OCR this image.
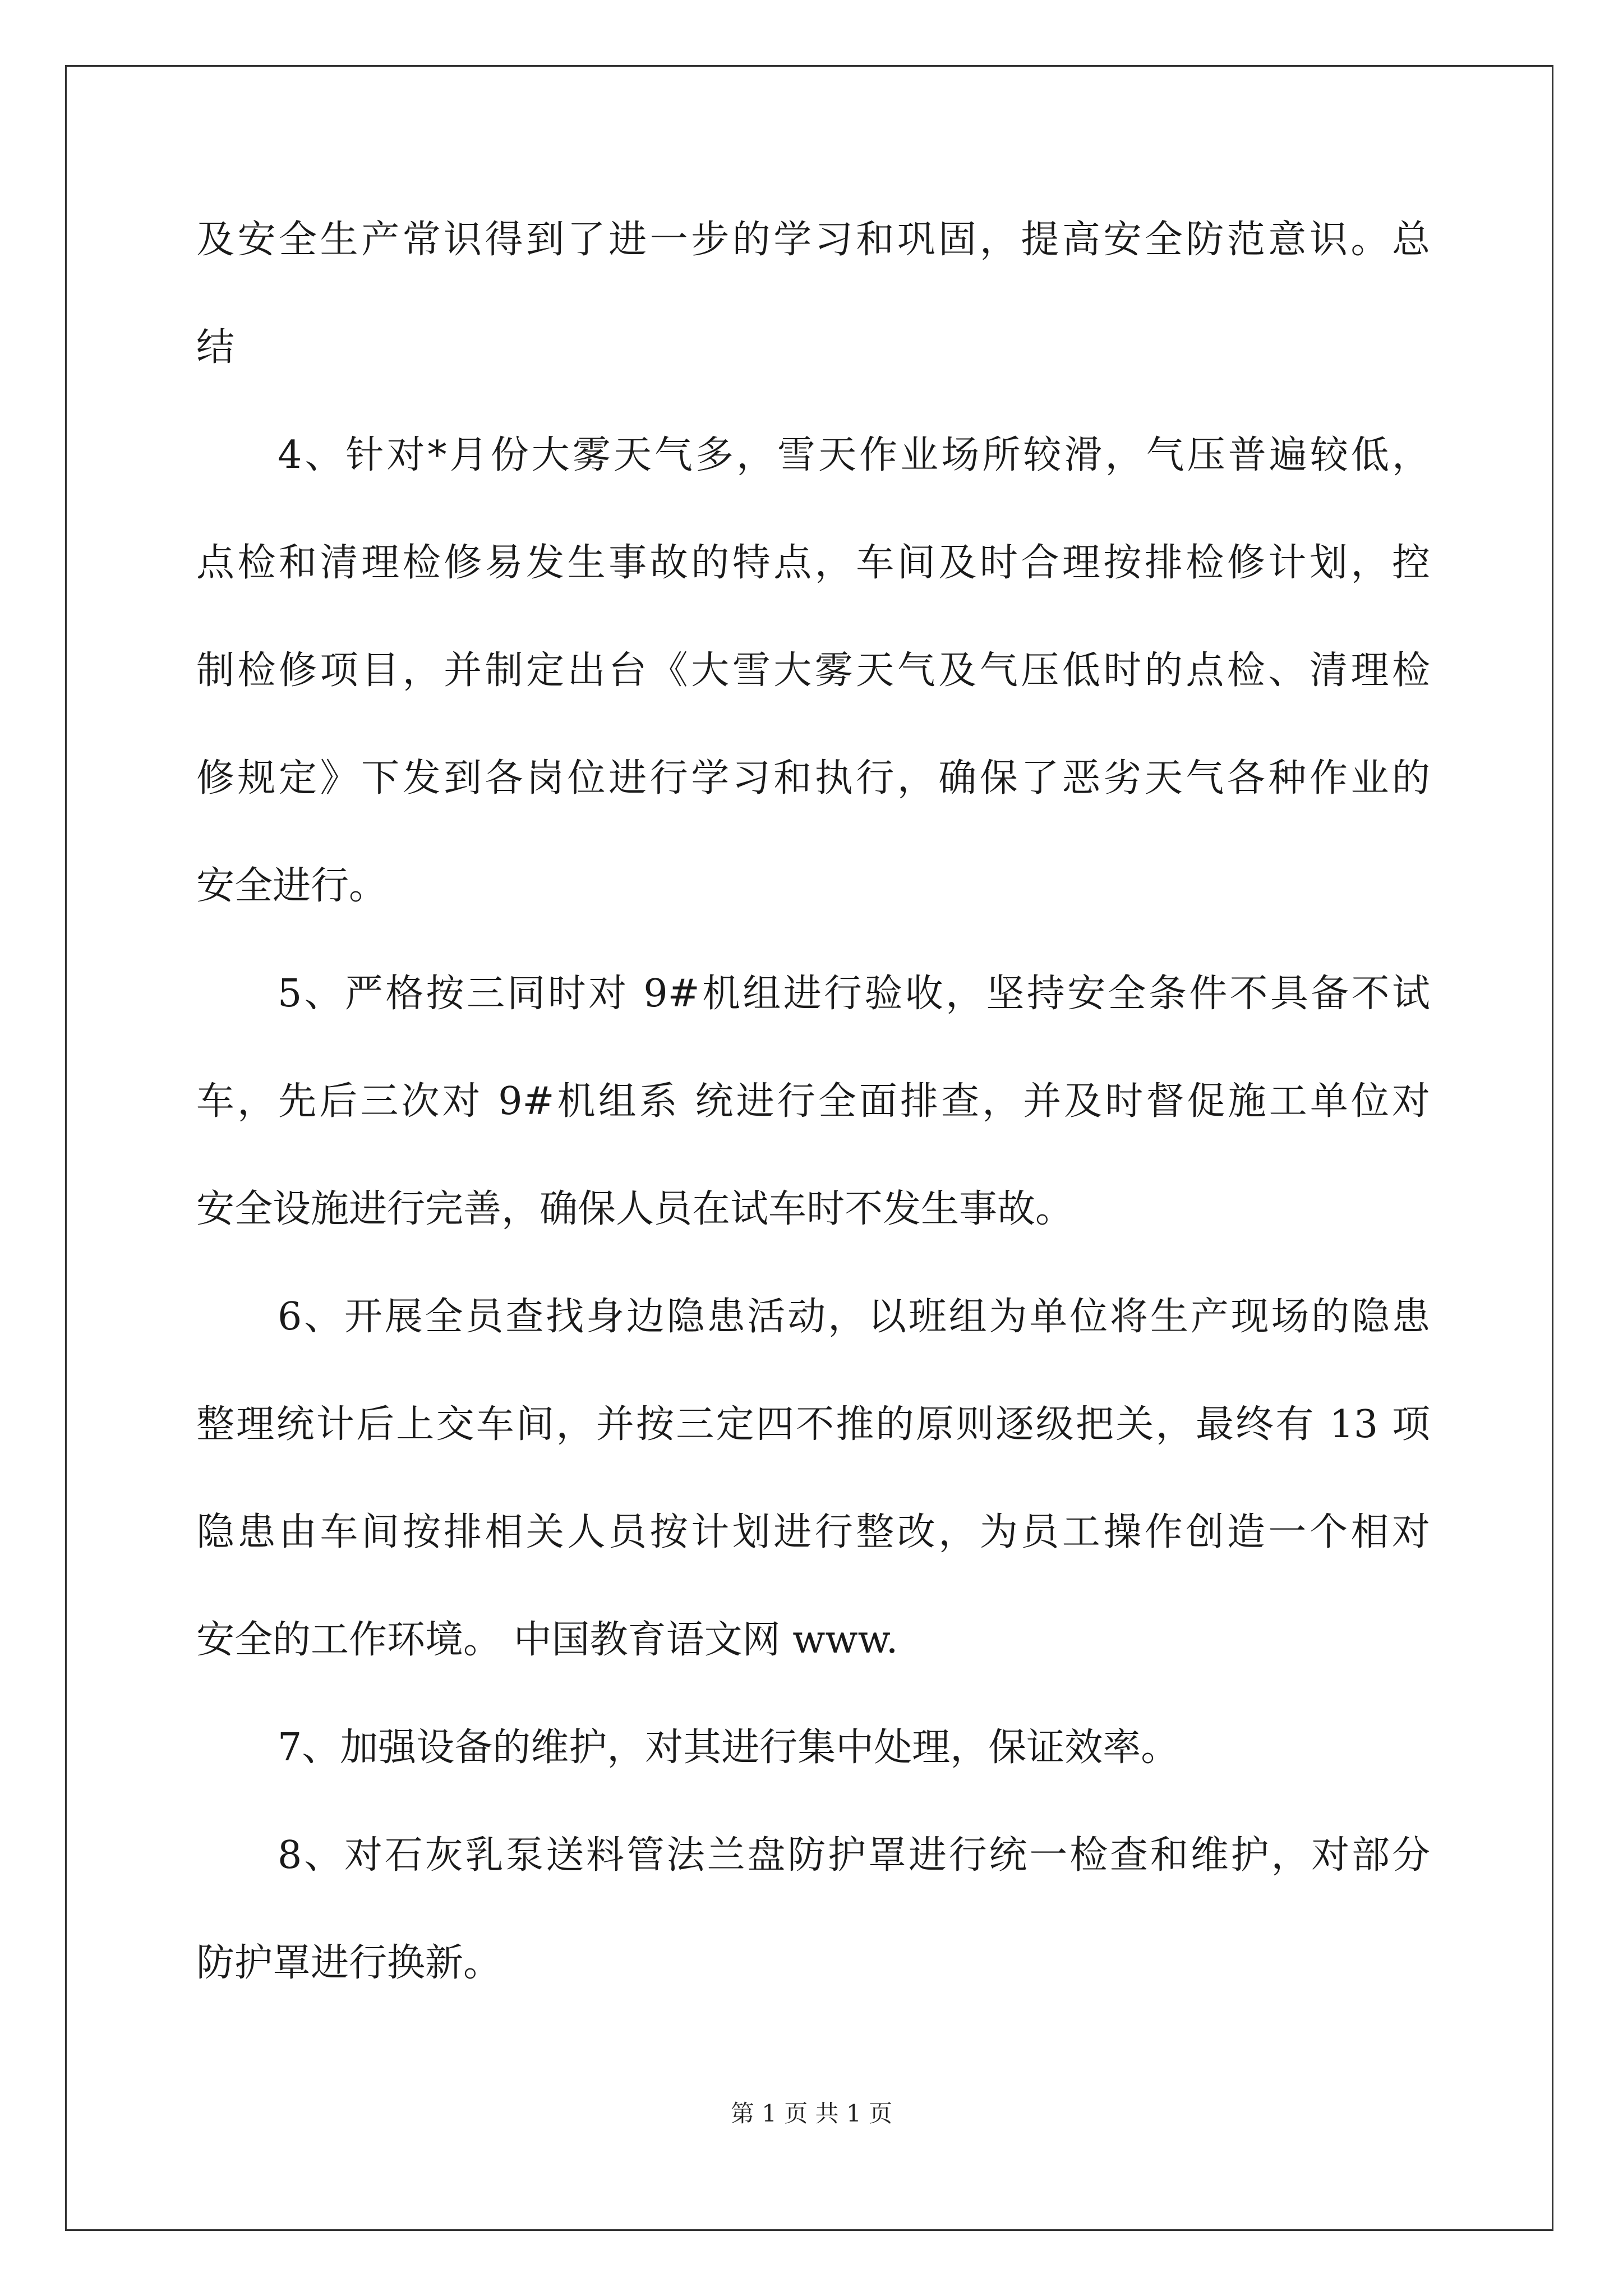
及安全生产常识得到了进一步的学习和巩固，提高安全防范意识。总
结
4、针对*月份大雾天气多，雪天作业场所较滑，气压普遍较低，
点检和清理检修易发生事故的特点，车间及时合理按排检修计划，控
制检修项目，并制定出台《大雪大雾天气及气压低时的点检、清理检
修规定》下发到各岗位进行学习和执行，确保了恶劣天气各种作业的
安全进行。
5、严格按三同时对 9#机组进行验收，坚持安全条件不具备不试
车，先后三次对 9#机组系 统进行全面排查，并及时督促施工单位对
安全设施进行完善，确保人员在试车时不发生事故。
6、开展全员查找身边隐患活动，以班组为单位将生产现场的隐患
整理统计后上交车间，并按三定四不推的原则逐级把关，最终有 13 项
隐患由车间按排相关人员按计划进行整改，为员工操作创造一个相对
安全的工作环境。 中国教育语文网 www.
7、加强设备的维护，对其进行集中处理，保证效率。
8、对石灰乳泵送料管法兰盘防护罩进行统一检查和维护，对部分
防护罩进行换新。
第 1 页 共 1 页
